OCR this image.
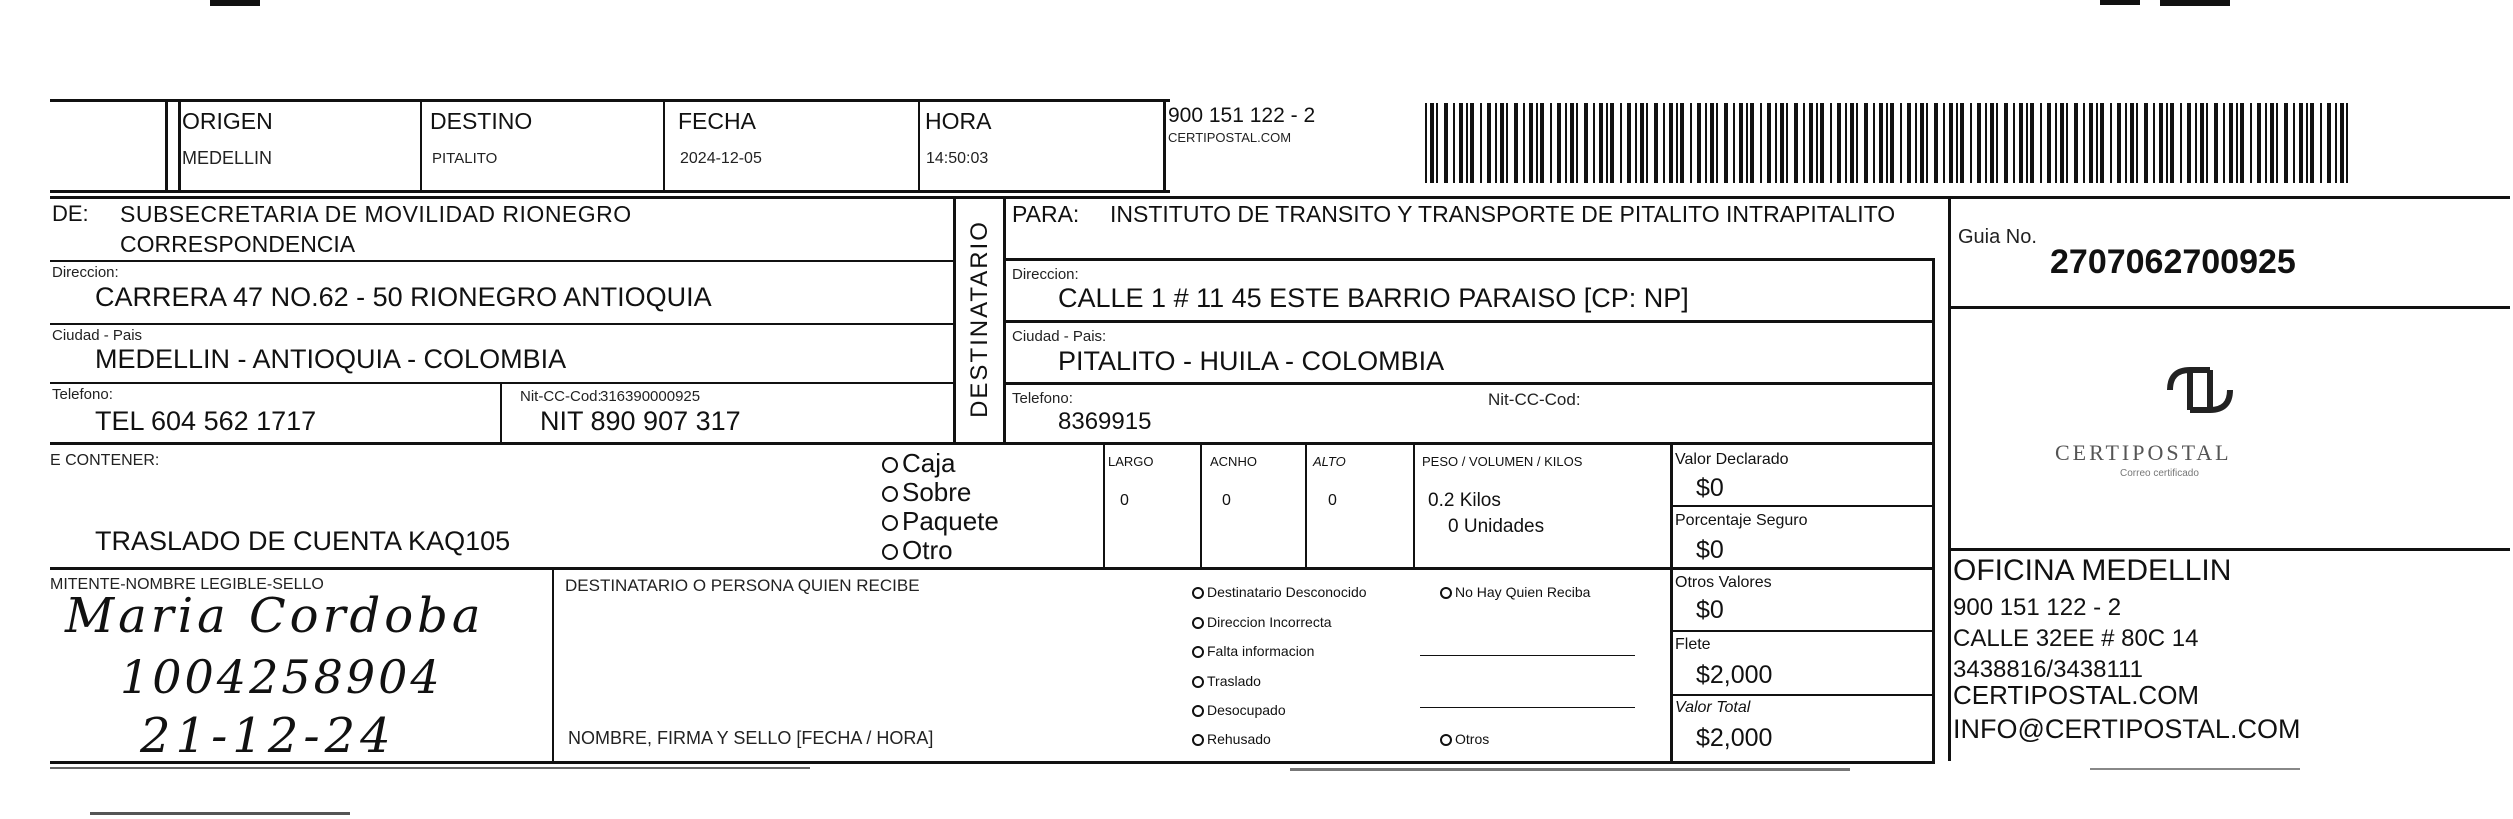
ORIGEN
MEDELLIN
DESTINO
PITALITO
FECHA
2024-12-05
HORA
14:50:03
900 151 122 - 2
CERTIPOSTAL.COM
DE: SUBSECRETARIA DE MOVILIDAD RIONEGRO
CORRESPONDENCIA
Direccion:
CARRERA 47 NO.62 - 50 RIONEGRO ANTIOQUIA
Ciudad - Pais
MEDELLIN - ANTIOQUIA - COLOMBIA
Telefono:
TEL 604 562 1717
Nit-CC-Cod:
316390000925
NIT 890 907 317
DESTINATARIO
PARA: INSTITUTO DE TRANSITO Y TRANSPORTE DE PITALITO INTRAPITALITO
Direccion:
CALLE 1 # 11 45 ESTE BARRIO PARAISO [CP: NP]
Ciudad - Pais:
PITALITO - HUILA - COLOMBIA
Telefono:
8369915
Nit-CC-Cod:
Guia No.
2707062700925
CERTIPOSTAL
Correo certificado
OFICINA MEDELLIN
900 151 122 - 2
CALLE 32EE # 80C 14
3438816/3438111
CERTIPOSTAL.COM
INFO@CERTIPOSTAL.COM
E CONTENER:
TRASLADO DE CUENTA KAQ105
Caja
Sobre
Paquete
Otro
LARGO
0
ACNHO
0
ALTO
0
PESO / VOLUMEN / KILOS
0.2 Kilos
0 Unidades
Valor Declarado
$0
Porcentaje Seguro
$0
Otros Valores
$0
Flete
$2,000
Valor Total
$2,000
MITENTE-NOMBRE LEGIBLE-SELLO
Maria Cordoba
1004258904
21-12-24
DESTINATARIO O PERSONA QUIEN RECIBE
NOMBRE, FIRMA Y SELLO [FECHA / HORA]
Destinatario Desconocido
Direccion Incorrecta
Falta informacion
Traslado
Desocupado
Rehusado
No Hay Quien Reciba
Otros
